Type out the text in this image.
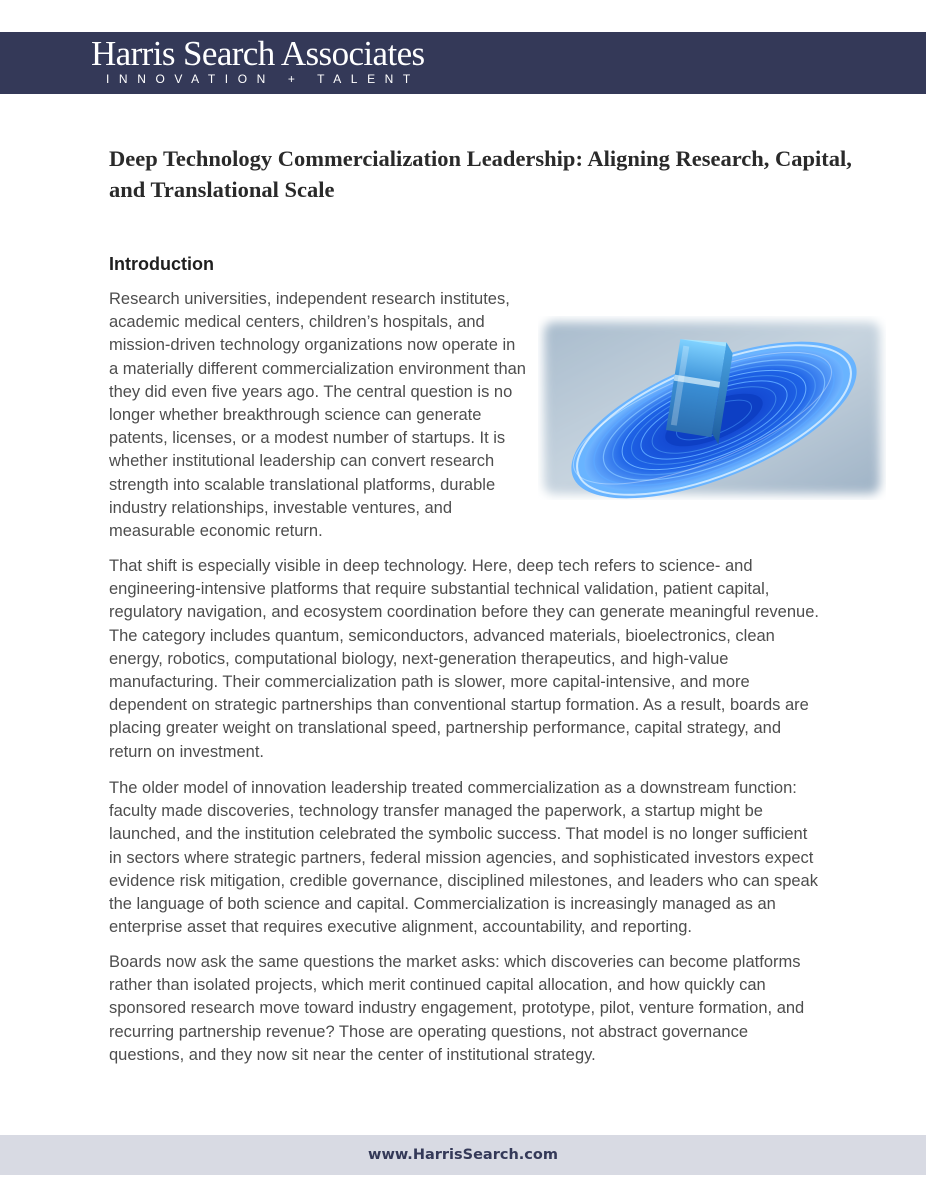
Harris Search Associates
INNOVATION + TALENT
Deep Technology Commercialization Leadership: Aligning Research, Capital, and Translational Scale
Introduction

Research universities, independent research institutes, academic medical centers, children’s hospitals, and mission-driven technology organizations now operate in a materially different commercialization environment than they did even five years ago. The central question is no longer whether breakthrough science can generate patents, licenses, or a modest number of startups. It is whether institutional leadership can convert research strength into scalable translational platforms, durable industry relationships, investable ventures, and measurable economic return.

That shift is especially visible in deep technology. Here, deep tech refers to science- and engineering-intensive platforms that require substantial technical validation, patient capital, regulatory navigation, and ecosystem coordination before they can generate meaningful revenue. The category includes quantum, semiconductors, advanced materials, bioelectronics, clean energy, robotics, computational biology, next-generation therapeutics, and high-value manufacturing. Their commercialization path is slower, more capital-intensive, and more dependent on strategic partnerships than conventional startup formation. As a result, boards are placing greater weight on translational speed, partnership performance, capital strategy, and return on investment.

The older model of innovation leadership treated commercialization as a downstream function: faculty made discoveries, technology transfer managed the paperwork, a startup might be launched, and the institution celebrated the symbolic success. That model is no longer sufficient in sectors where strategic partners, federal mission agencies, and sophisticated investors expect evidence risk mitigation, credible governance, disciplined milestones, and leaders who can speak the language of both science and capital. Commercialization is increasingly managed as an enterprise asset that requires executive alignment, accountability, and reporting.

Boards now ask the same questions the market asks: which discoveries can become platforms rather than isolated projects, which merit continued capital allocation, and how quickly can sponsored research move toward industry engagement, prototype, pilot, venture formation, and recurring partnership revenue? Those are operating questions, not abstract governance questions, and they now sit near the center of institutional strategy.

www.HarrisSearch.com
